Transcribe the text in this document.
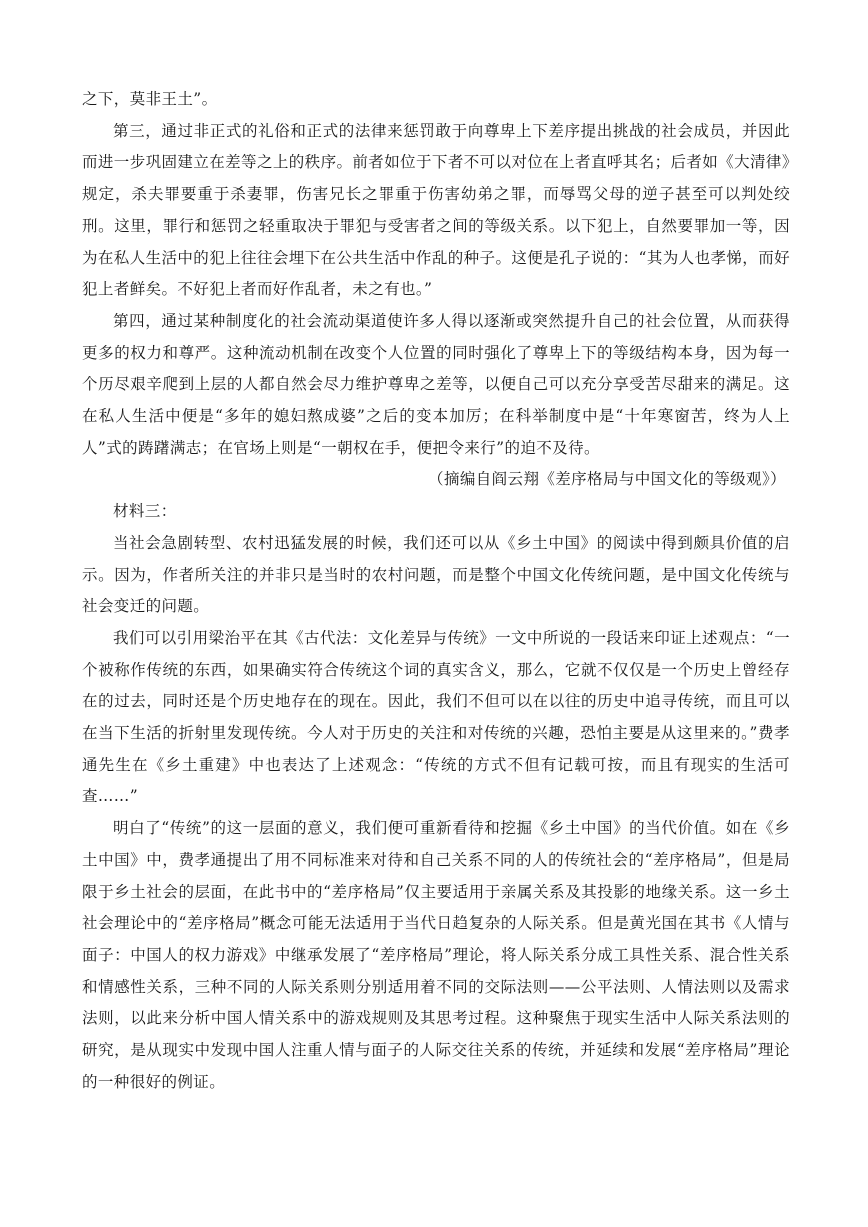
之下，莫非王土”。

第三，通过非正式的礼俗和正式的法律来惩罚敢于向尊卑上下差序提出挑战的社会成员，并因此而进一步巩固建立在差等之上的秩序。前者如位于下者不可以对位在上者直呼其名；后者如《大清律》规定，杀夫罪要重于杀妻罪，伤害兄长之罪重于伤害幼弟之罪，而辱骂父母的逆子甚至可以判处绞刑。这里，罪行和惩罚之轻重取决于罪犯与受害者之间的等级关系。以下犯上，自然要罪加一等，因为在私人生活中的犯上往往会埋下在公共生活中作乱的种子。这便是孔子说的：“其为人也孝悌，而好犯上者鲜矣。不好犯上者而好作乱者，未之有也。”

第四，通过某种制度化的社会流动渠道使许多人得以逐渐或突然提升自己的社会位置，从而获得更多的权力和尊严。这种流动机制在改变个人位置的同时强化了尊卑上下的等级结构本身，因为每一个历尽艰辛爬到上层的人都自然会尽力维护尊卑之差等，以便自己可以充分享受苦尽甜来的满足。这在私人生活中便是“多年的媳妇熬成婆”之后的变本加厉；在科举制度中是“十年寒窗苦，终为人上人”式的踌躇满志；在官场上则是“一朝权在手，便把令来行”的迫不及待。

（摘编自阎云翔《差序格局与中国文化的等级观》）

材料三：

当社会急剧转型、农村迅猛发展的时候，我们还可以从《乡土中国》的阅读中得到颇具价值的启示。因为，作者所关注的并非只是当时的农村问题，而是整个中国文化传统问题，是中国文化传统与社会变迁的问题。

我们可以引用梁治平在其《古代法：文化差异与传统》一文中所说的一段话来印证上述观点：“一个被称作传统的东西，如果确实符合传统这个词的真实含义，那么，它就不仅仅是一个历史上曾经存在的过去，同时还是个历史地存在的现在。因此，我们不但可以在以往的历史中追寻传统，而且可以在当下生活的折射里发现传统。今人对于历史的关注和对传统的兴趣，恐怕主要是从这里来的。”费孝通先生在《乡土重建》中也表达了上述观念：“传统的方式不但有记载可按，而且有现实的生活可查……”

明白了“传统”的这一层面的意义，我们便可重新看待和挖掘《乡土中国》的当代价值。如在《乡土中国》中，费孝通提出了用不同标准来对待和自己关系不同的人的传统社会的“差序格局”，但是局限于乡土社会的层面，在此书中的“差序格局”仅主要适用于亲属关系及其投影的地缘关系。这一乡土社会理论中的“差序格局”概念可能无法适用于当代日趋复杂的人际关系。但是黄光国在其书《人情与面子：中国人的权力游戏》中继承发展了“差序格局”理论，将人际关系分成工具性关系、混合性关系和情感性关系，三种不同的人际关系则分别适用着不同的交际法则——公平法则、人情法则以及需求法则，以此来分析中国人情关系中的游戏规则及其思考过程。这种聚焦于现实生活中人际关系法则的研究，是从现实中发现中国人注重人情与面子的人际交往关系的传统，并延续和发展“差序格局”理论的一种很好的例证。
